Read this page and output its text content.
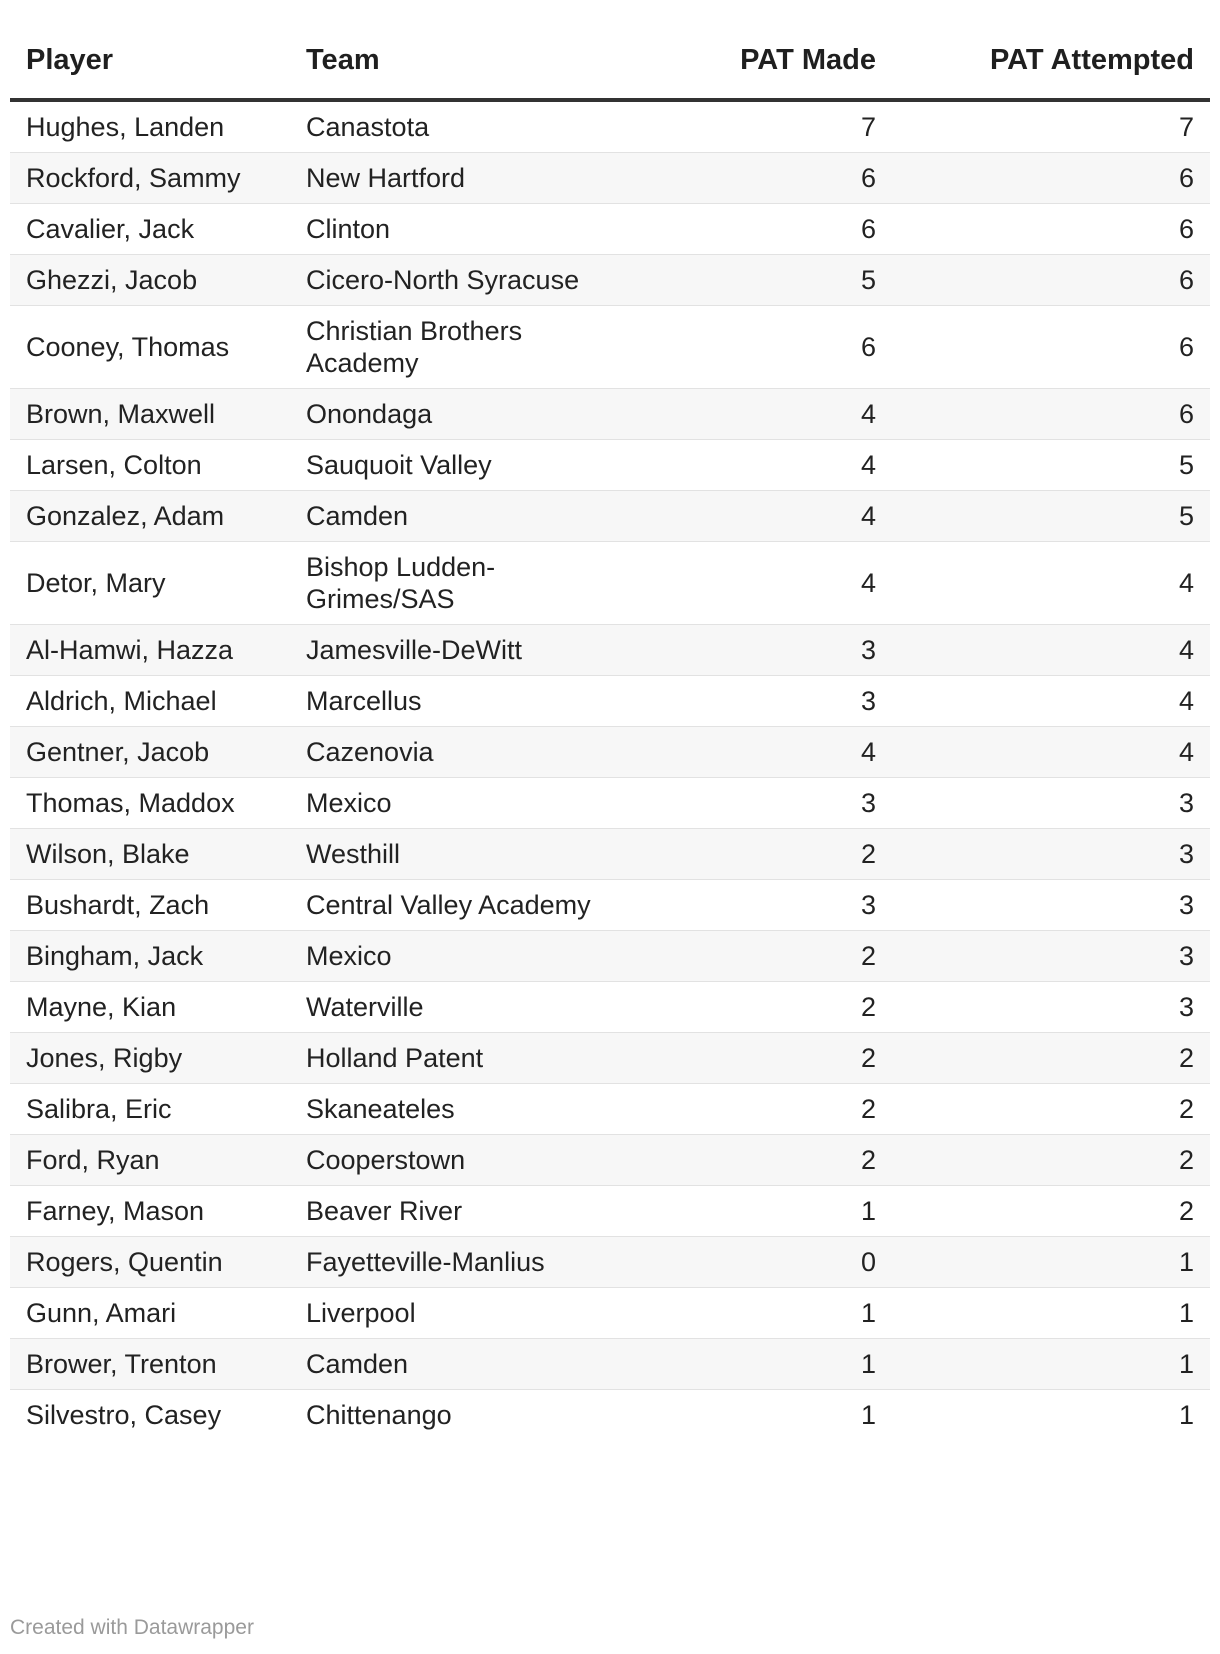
Player	Team	PAT Made	PAT Attempted
Hughes, Landen	Canastota	7	7
Rockford, Sammy	New Hartford	6	6
Cavalier, Jack	Clinton	6	6
Ghezzi, Jacob	Cicero-North Syracuse	5	6
Cooney, Thomas	Christian Brothers Academy	6	6
Brown, Maxwell	Onondaga	4	6
Larsen, Colton	Sauquoit Valley	4	5
Gonzalez, Adam	Camden	4	5
Detor, Mary	Bishop Ludden-Grimes/SAS	4	4
Al-Hamwi, Hazza	Jamesville-DeWitt	3	4
Aldrich, Michael	Marcellus	3	4
Gentner, Jacob	Cazenovia	4	4
Thomas, Maddox	Mexico	3	3
Wilson, Blake	Westhill	2	3
Bushardt, Zach	Central Valley Academy	3	3
Bingham, Jack	Mexico	2	3
Mayne, Kian	Waterville	2	3
Jones, Rigby	Holland Patent	2	2
Salibra, Eric	Skaneateles	2	2
Ford, Ryan	Cooperstown	2	2
Farney, Mason	Beaver River	1	2
Rogers, Quentin	Fayetteville-Manlius	0	1
Gunn, Amari	Liverpool	1	1
Brower, Trenton	Camden	1	1
Silvestro, Casey	Chittenango	1	1
Created with Datawrapper
